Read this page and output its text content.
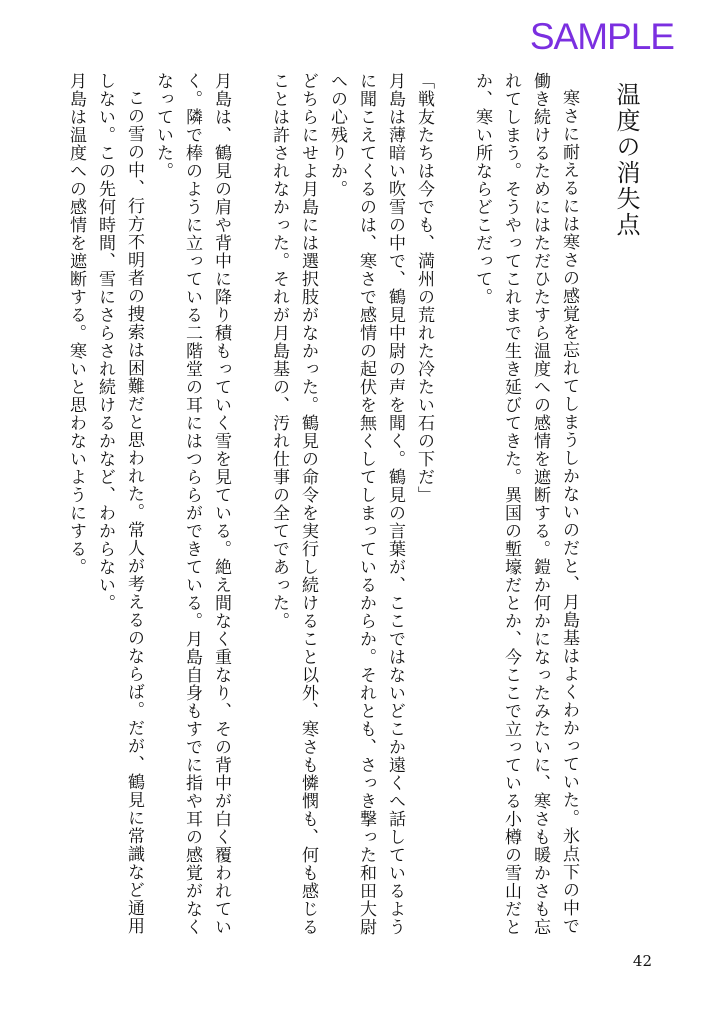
SAMPLE
温度の消失点

寒さに耐えるには寒さの感覚を忘れてしまうしかないのだと、月島基はよくわかっていた。氷点下の中で働き続けるためにはただひたすら温度への感情を遮断する。鎧か何かになったみたいに、寒さも暖かさも忘れてしまう。そうやってこれまで生き延びてきた。異国の塹壕だとか、今ここで立っている小樽の雪山だとか、寒い所ならどこだって。

「戦友たちは今でも、満州の荒れた冷たい石の下だ」

月島は薄暗い吹雪の中で、鶴見中尉の声を聞く。鶴見の言葉が、ここではないどこか遠くへ話しているように聞こえてくるのは、寒さで感情の起伏を無くしてしまっているからか。それとも、さっき撃った和田大尉への心残りか。

どちらにせよ月島には選択肢がなかった。鶴見の命令を実行し続けること以外、寒さも憐憫も、何も感じることは許されなかった。それが月島基の、汚れ仕事の全てであった。

月島は、鶴見の肩や背中に降り積もっていく雪を見ている。絶え間なく重なり、その背中が白く覆われていく。隣で棒のように立っている二階堂の耳にはつららができている。月島自身もすでに指や耳の感覚がなくなっていた。

この雪の中、行方不明者の捜索は困難だと思われた。常人が考えるのならば。だが、鶴見に常識など通用しない。この先何時間、雪にさらされ続けるかなど、わからない。

月島は温度への感情を遮断する。寒いと思わないようにする。

42
